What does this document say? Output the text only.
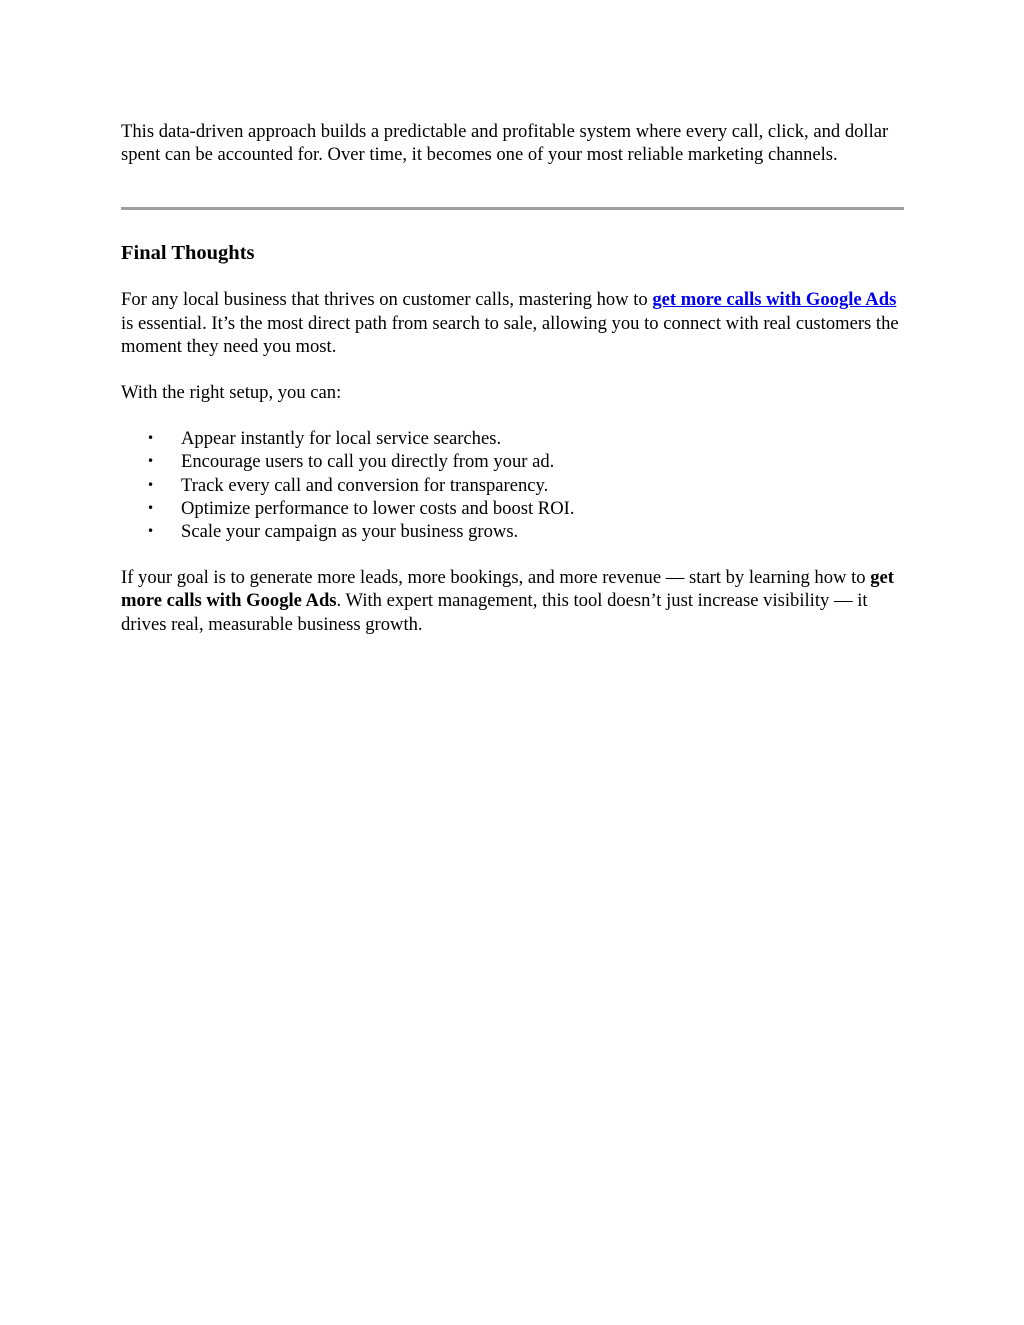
This data-driven approach builds a predictable and profitable system where every call, click, and dollar spent can be accounted for. Over time, it becomes one of your most reliable marketing channels.

Final Thoughts

For any local business that thrives on customer calls, mastering how to get more calls with Google Ads is essential. It’s the most direct path from search to sale, allowing you to connect with real customers the moment they need you most.

With the right setup, you can:

• Appear instantly for local service searches.
• Encourage users to call you directly from your ad.
• Track every call and conversion for transparency.
• Optimize performance to lower costs and boost ROI.
• Scale your campaign as your business grows.

If your goal is to generate more leads, more bookings, and more revenue — start by learning how to get more calls with Google Ads. With expert management, this tool doesn’t just increase visibility — it drives real, measurable business growth.
